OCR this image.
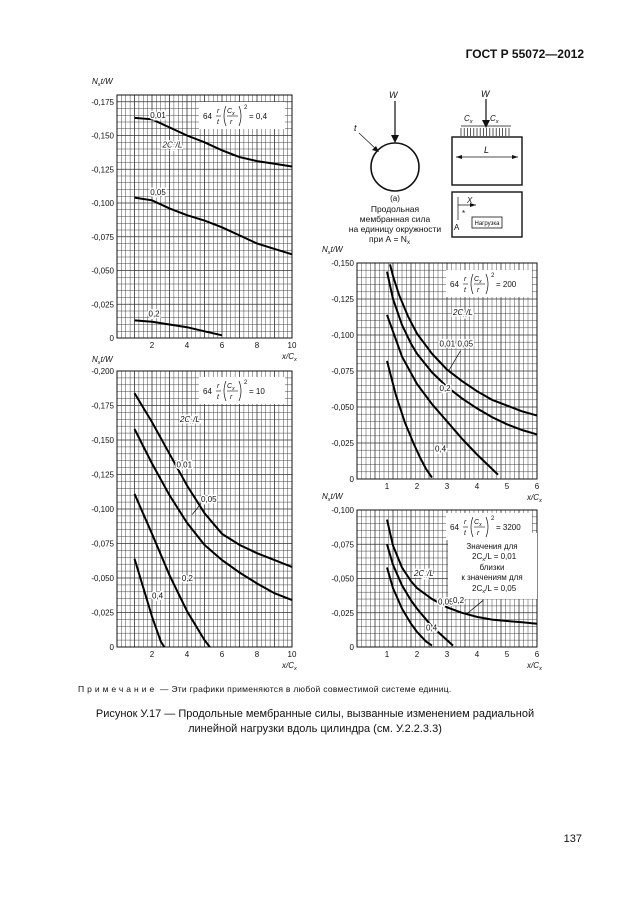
ГОСТ Р 55072—2012
0,01
0,05
0,2
$2C_x/L$
-0,175
-0,150
-0,125
-0,100
-0,075
-0,050
-0,025
0
2	4	6	8	10
$N_xt/W$
$x/C_x$
64
r
t
$C_x$
r
2
= 0,4
0,05
0,01
0,2
0,4
$2C_x/L$
-0,150
-0,125
-0,100
-0,075
-0,050
-0,025
0
1	2	3	4	5	6
$N_xt/W$
$x/C_x$
64
r
t
$C_x$
r
2
= 200
0,01
0,05
0,2
0,4
$2C_x/L$
-0,200
-0,175
-0,150
-0,125
-0,100
-0,075
-0,050
-0,025
0
2	4	6	8	10
$N_xt/W$
$x/C_x$
64
r
t
$C_x$
r
2
= 10
0,05 0,2
0,4
$2C_x/L$
-0,100
-0,075
-0,050
-0,025
0
1	2	3	4	5	6
$N_xt/W$
$x/C_x$
64
r
t
$C_x$
r
2
= 3200
Значения для
$2C_x/L = 0,01$
близки
к значениям для
$2C_x/L = 0,05$
W
t
(а)
Продольная
мембранная сила
на единицу окружности
при $А = N_x$
W
$C_x$ $C_x$
L
X
*
A	Нагрузка
Примечание — Эти графики применяются в любой совместимой системе единиц.
Рисунок У.17 — Продольные мембранные силы, вызванные изменением радиальной
линейной нагрузки вдоль цилиндра (см. У.2.2.3.3)
137
